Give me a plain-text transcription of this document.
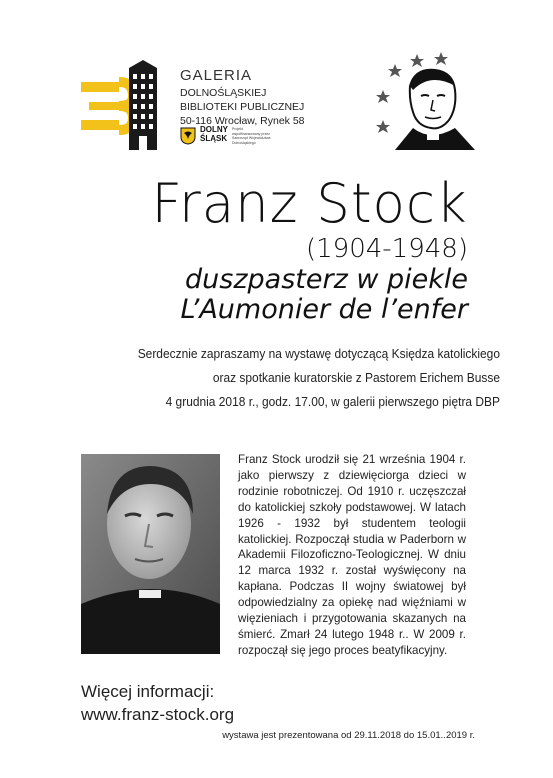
GALERIA
DOLNOŚLĄSKIEJ
BIBLIOTEKI PUBLICZNEJ
50-116 Wrocław, Rynek 58
DOLNY ŚLĄSK
Projekt współfinansowany przez Samorząd Województwa Dolnośląskiego
Franz Stock
(1904-1948)
duszpasterz w piekle
L’Aumonier de l’enfer
Serdecznie zapraszamy na wystawę dotyczącą Księdza katolickiego
oraz spotkanie kuratorskie z Pastorem Erichem Busse
4 grudnia 2018 r., godz. 17.00, w galerii pierwszego piętra DBP
Franz Stock urodził się 21 września 1904 r. jako pierwszy z dziewięciorga dzieci w rodzinie robotniczej. Od 1910 r. uczęszczał do katolickiej szkoły podstawowej. W latach 1926 - 1932 był studentem teologii katolickiej. Rozpoczął studia w Paderborn w Akademii Filozoficzno-Teologicznej. W dniu 12 marca 1932 r. został wyświęcony na kapłana. Podczas II wojny światowej był odpowiedzialny za opiekę nad więźniami w więzieniach i przygotowania skazanych na śmierć. Zmarł 24 lutego 1948 r.. W 2009 r. rozpoczął się jego proces beatyfikacyjny.
Więcej informacji:
www.franz-stock.org
wystawa jest prezentowana od 29.11.2018 do 15.01..2019 r.
